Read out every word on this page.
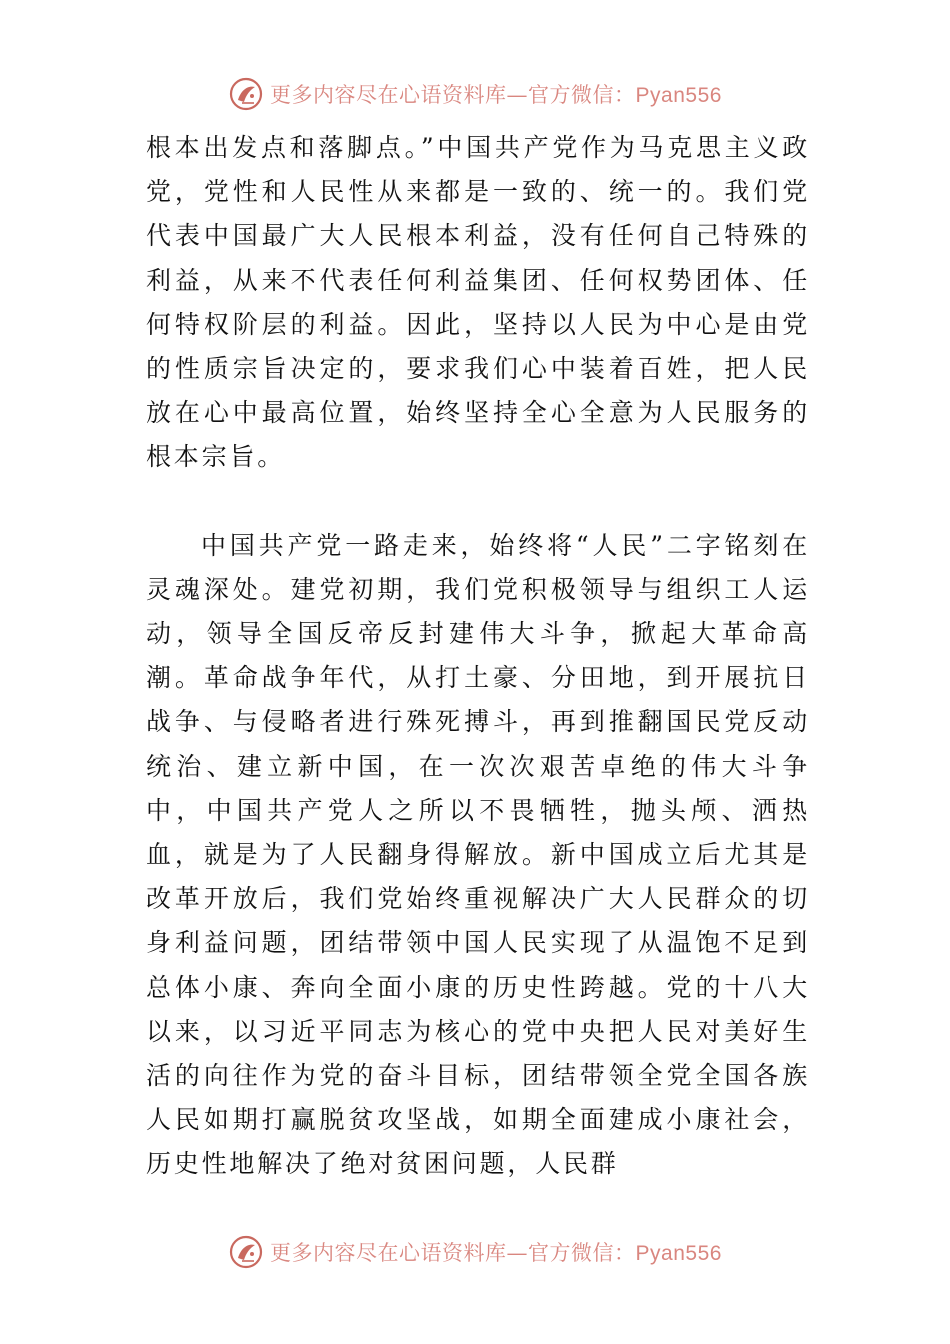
更多内容尽在心语资料库—官方微信：Pyan556

根本出发点和落脚点。”中国共产党作为马克思主义政党，党性和人民性从来都是一致的、统一的。我们党代表中国最广大人民根本利益，没有任何自己特殊的利益，从来不代表任何利益集团、任何权势团体、任何特权阶层的利益。因此，坚持以人民为中心是由党的性质宗旨决定的，要求我们心中装着百姓，把人民放在心中最高位置，始终坚持全心全意为人民服务的根本宗旨。

中国共产党一路走来，始终将“人民”二字铭刻在灵魂深处。建党初期，我们党积极领导与组织工人运动，领导全国反帝反封建伟大斗争，掀起大革命高潮。革命战争年代，从打土豪、分田地，到开展抗日战争、与侵略者进行殊死搏斗，再到推翻国民党反动统治、建立新中国，在一次次艰苦卓绝的伟大斗争中，中国共产党人之所以不畏牺牲，抛头颅、洒热血，就是为了人民翻身得解放。新中国成立后尤其是改革开放后，我们党始终重视解决广大人民群众的切身利益问题，团结带领中国人民实现了从温饱不足到总体小康、奔向全面小康的历史性跨越。党的十八大以来，以习近平同志为核心的党中央把人民对美好生活的向往作为党的奋斗目标，团结带领全党全国各族人民如期打赢脱贫攻坚战，如期全面建成小康社会，历史性地解决了绝对贫困问题，人民群

更多内容尽在心语资料库—官方微信：Pyan556
